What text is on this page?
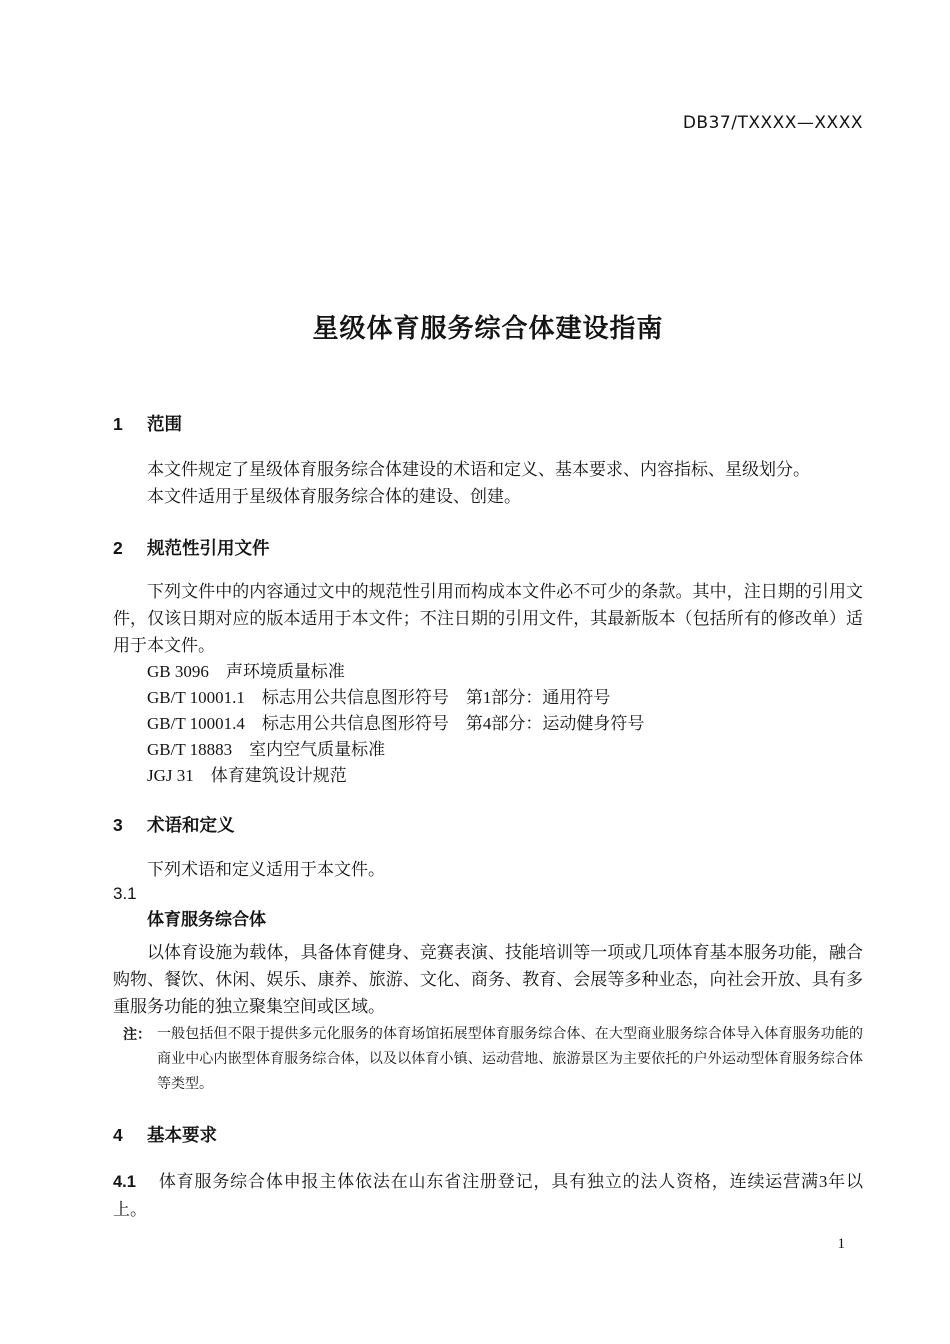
DB37/TXXXX—XXXX
星级体育服务综合体建设指南
1 范围

本文件规定了星级体育服务综合体建设的术语和定义、基本要求、内容指标、星级划分。

本文件适用于星级体育服务综合体的建设、创建。

2 规范性引用文件

下列文件中的内容通过文中的规范性引用而构成本文件必不可少的条款。其中，注日期的引用文件，仅该日期对应的版本适用于本文件；不注日期的引用文件，其最新版本（包括所有的修改单）适用于本文件。

GB 3096　声环境质量标准

GB/T 10001.1　标志用公共信息图形符号　第1部分：通用符号

GB/T 10001.4　标志用公共信息图形符号　第4部分：运动健身符号

GB/T 18883　室内空气质量标准

JGJ 31　体育建筑设计规范

3 术语和定义

下列术语和定义适用于本文件。

3.1

体育服务综合体

以体育设施为载体，具备体育健身、竞赛表演、技能培训等一项或几项体育基本服务功能，融合购物、餐饮、休闲、娱乐、康养、旅游、文化、商务、教育、会展等多种业态，向社会开放、具有多重服务功能的独立聚集空间或区域。

注： 一般包括但不限于提供多元化服务的体育场馆拓展型体育服务综合体、在大型商业服务综合体导入体育服务功能的商业中心内嵌型体育服务综合体，以及以体育小镇、运动营地、旅游景区为主要依托的户外运动型体育服务综合体等类型。
4 基本要求

4.1 体育服务综合体申报主体依法在山东省注册登记，具有独立的法人资格，连续运营满3年以上。

1
